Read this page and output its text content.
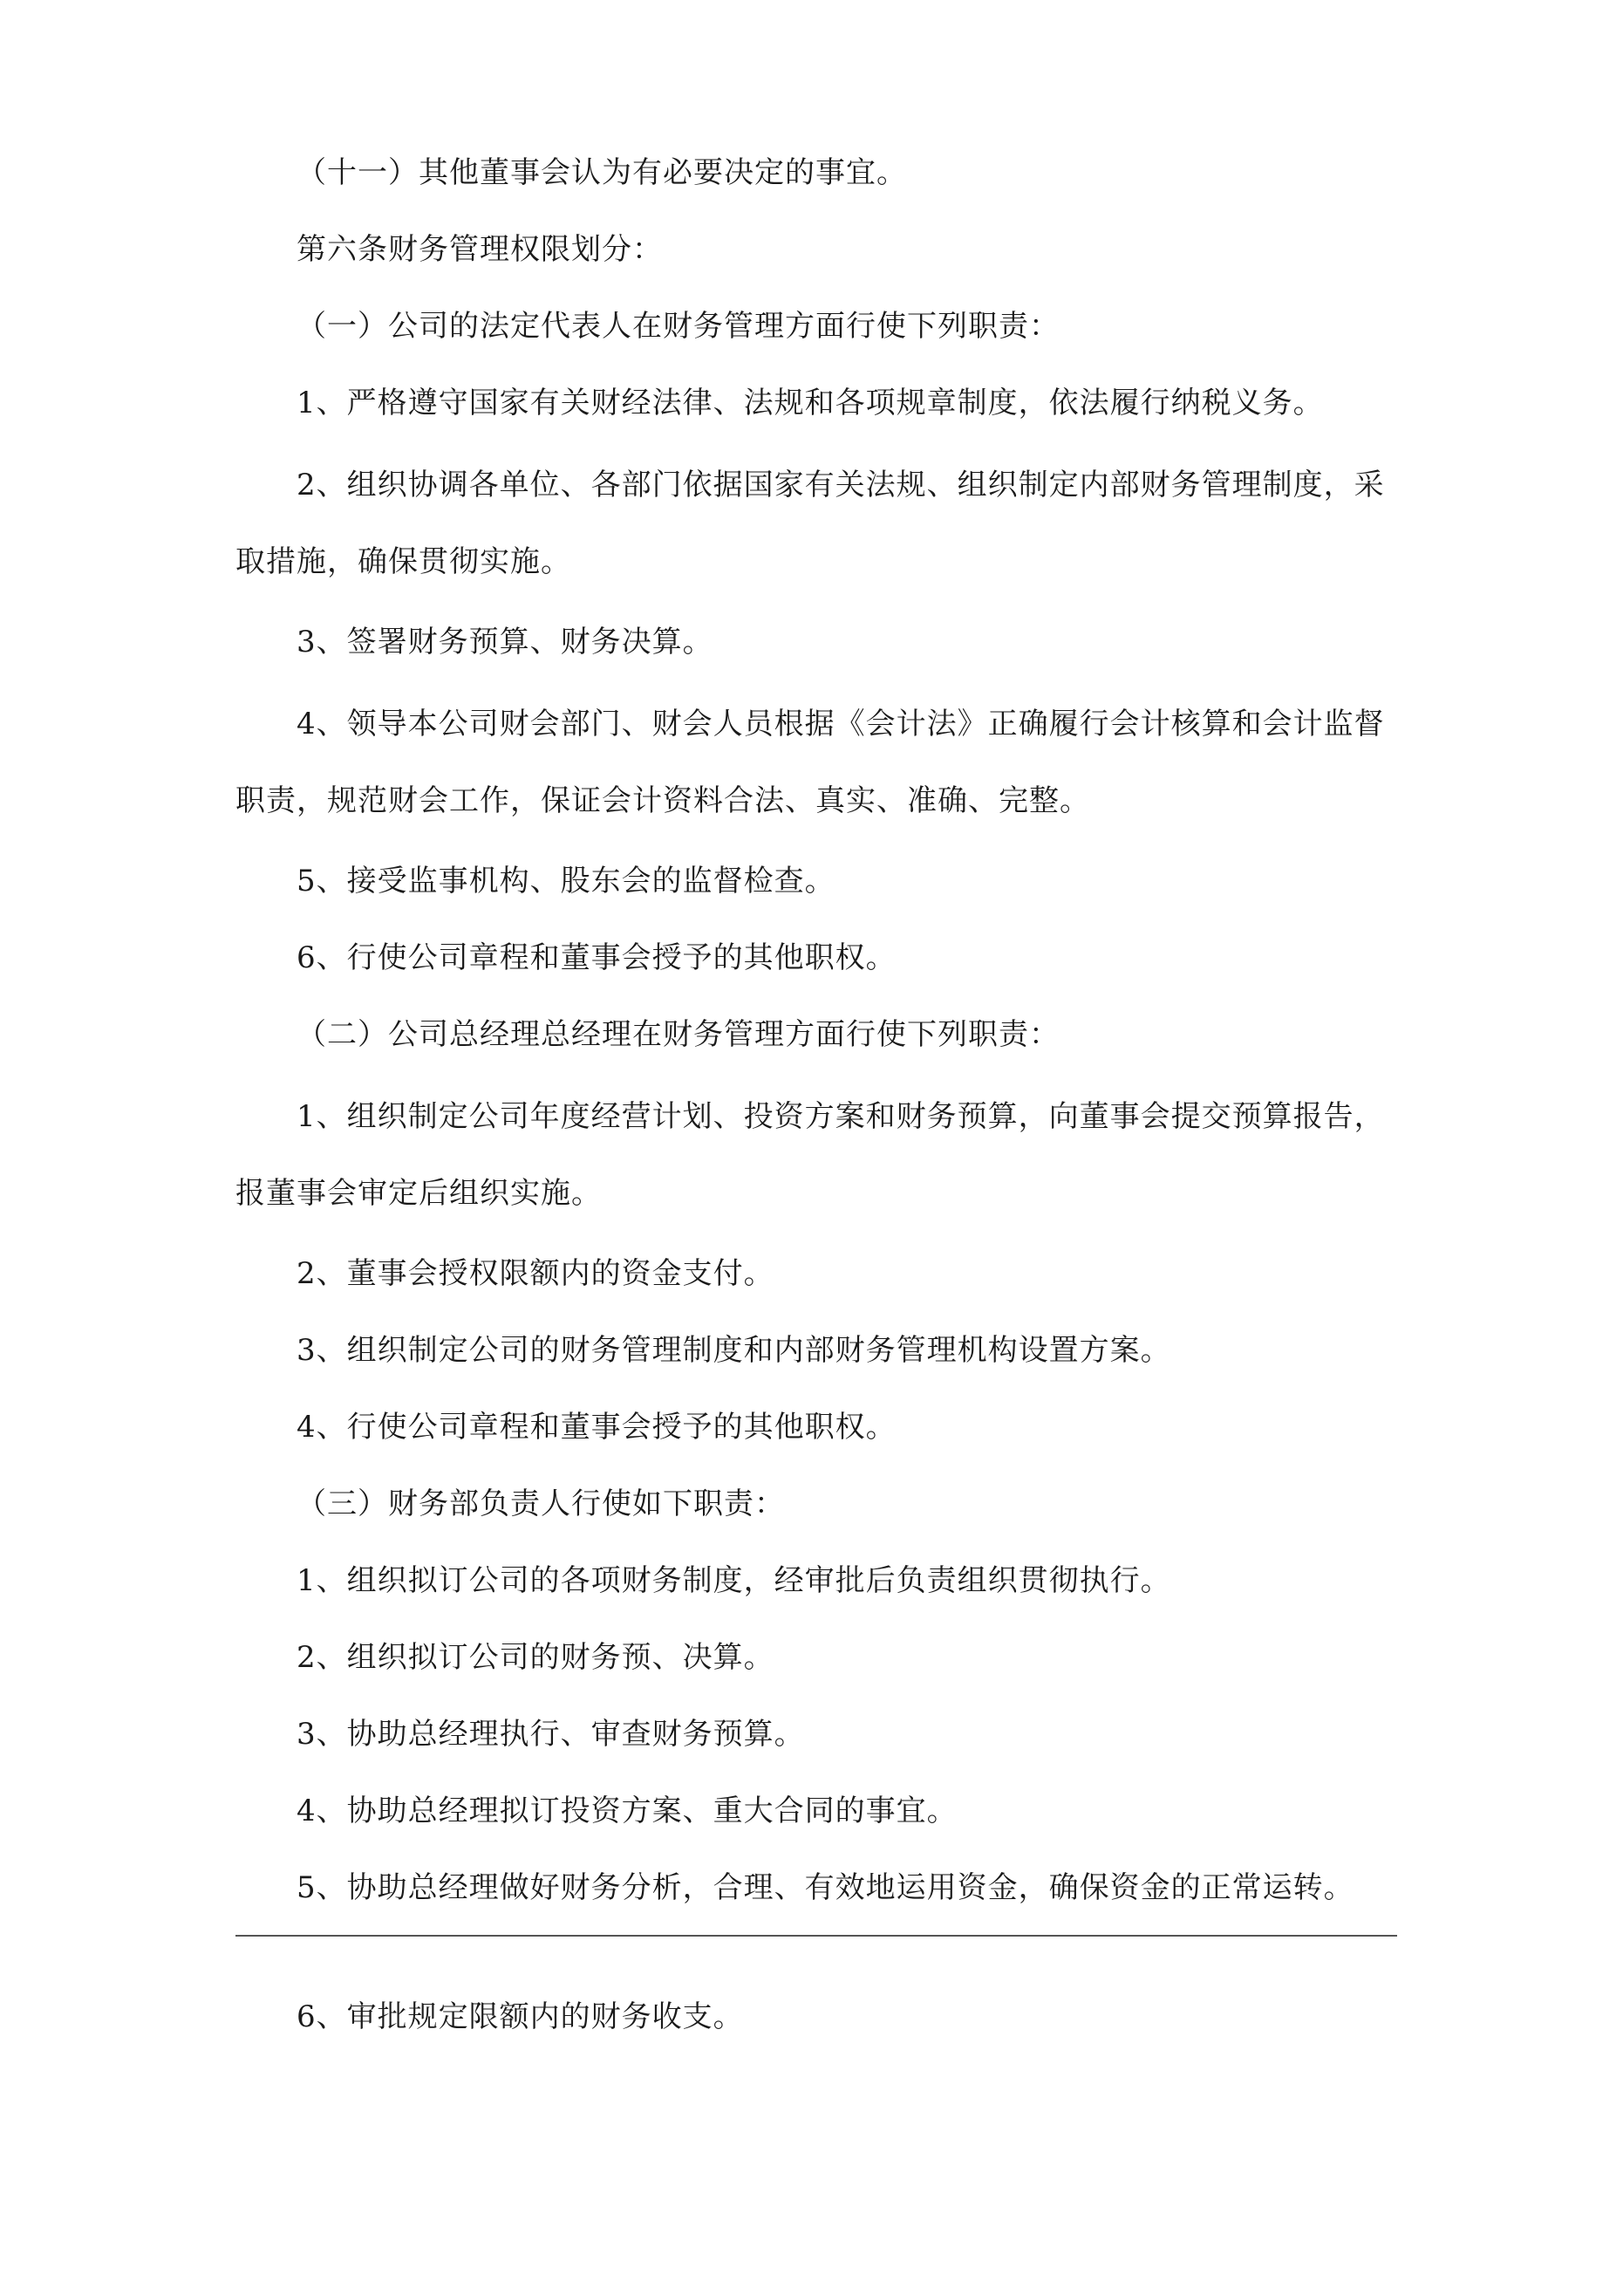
（十一）其他董事会认为有必要决定的事宜。
第六条财务管理权限划分：
（一）公司的法定代表人在财务管理方面行使下列职责：
1、严格遵守国家有关财经法律、法规和各项规章制度，依法履行纳税义务。
2、组织协调各单位、各部门依据国家有关法规、组织制定内部财务管理制度，采取措施，确保贯彻实施。
3、签署财务预算、财务决算。
4、领导本公司财会部门、财会人员根据《会计法》正确履行会计核算和会计监督职责，规范财会工作，保证会计资料合法、真实、准确、完整。
5、接受监事机构、股东会的监督检查。
6、行使公司章程和董事会授予的其他职权。
（二）公司总经理总经理在财务管理方面行使下列职责：
1、组织制定公司年度经营计划、投资方案和财务预算，向董事会提交预算报告，报董事会审定后组织实施。
2、董事会授权限额内的资金支付。
3、组织制定公司的财务管理制度和内部财务管理机构设置方案。
4、行使公司章程和董事会授予的其他职权。
（三）财务部负责人行使如下职责：
1、组织拟订公司的各项财务制度，经审批后负责组织贯彻执行。
2、组织拟订公司的财务预、决算。
3、协助总经理执行、审查财务预算。
4、协助总经理拟订投资方案、重大合同的事宜。
5、协助总经理做好财务分析，合理、有效地运用资金，确保资金的正常运转。
6、审批规定限额内的财务收支。
